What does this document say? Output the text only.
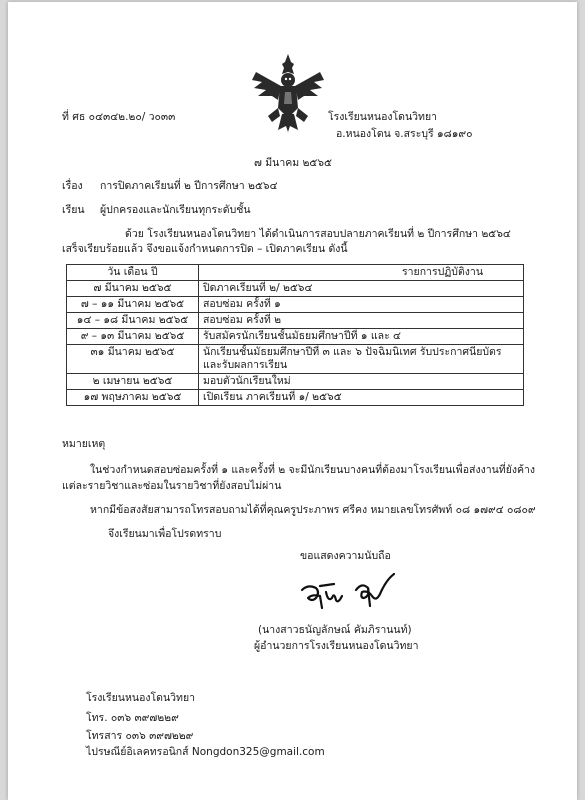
ที่ ศธ ๐๔๓๔๒.๒๐/ ว๐๓๓	โรงเรียนหนองโดนวิทยา
อ.หนองโดน จ.สระบุรี ๑๘๑๙๐
๗ มีนาคม ๒๕๖๕
เรื่อง การปิดภาคเรียนที่ ๒ ปีการศึกษา ๒๕๖๔
เรียน ผู้ปกครองและนักเรียนทุกระดับชั้น
ด้วย โรงเรียนหนองโดนวิทยา ได้ดำเนินการสอบปลายภาคเรียนที่ ๒ ปีการศึกษา ๒๕๖๔
เสร็จเรียบร้อยแล้ว จึงขอแจ้งกำหนดการปิด – เปิดภาคเรียน ดังนี้
วัน เดือน ปี	รายการปฏิบัติงาน
๗ มีนาคม ๒๕๖๕	ปิดภาคเรียนที่ ๒/ ๒๕๖๔
๗ – ๑๑ มีนาคม ๒๕๖๕	สอบซ่อม ครั้งที่ ๑
๑๔ – ๑๘ มีนาคม ๒๕๖๕	สอบซ่อม ครั้งที่ ๒
๙ – ๑๓ มีนาคม ๒๕๖๕	รับสมัครนักเรียนชั้นมัธยมศึกษาปีที่ ๑ และ ๔
๓๑ มีนาคม ๒๕๖๕	นักเรียนชั้นมัธยมศึกษาปีที่ ๓ และ ๖ ปัจฉิมนิเทศ รับประกาศนียบัตร
และรับผลการเรียน

๒ เมษายน ๒๕๖๕	มอบตัวนักเรียนใหม่
๑๗ พฤษภาคม ๒๕๖๕	เปิดเรียน ภาคเรียนที่ ๑/ ๒๕๖๕
หมายเหตุ
ในช่วงกำหนดสอบซ่อมครั้งที่ ๑ และครั้งที่ ๒ จะมีนักเรียนบางคนที่ต้องมาโรงเรียนเพื่อส่งงานที่ยังค้าง
แต่ละรายวิชาและซ่อมในรายวิชาที่ยังสอบไม่ผ่าน
หากมีข้อสงสัยสามารถโทรสอบถามได้ที่คุณครูประภาพร ศรีคง หมายเลขโทรศัพท์ ๐๘ ๑๗๙๔ ๐๘๐๙
จึงเรียนมาเพื่อโปรดทราบ
ขอแสดงความนับถือ
(นางสาวธนัญลักษณ์ คัมภิรานนท์)
ผู้อำนวยการโรงเรียนหนองโดนวิทยา
โรงเรียนหนองโดนวิทยา
โทร. ๐๓๖ ๓๙๗๒๒๙
โทรสาร ๐๓๖ ๓๙๗๒๒๙
ไปรษณีย์อิเลคทรอนิกส์ Nongdon325@gmail.com
